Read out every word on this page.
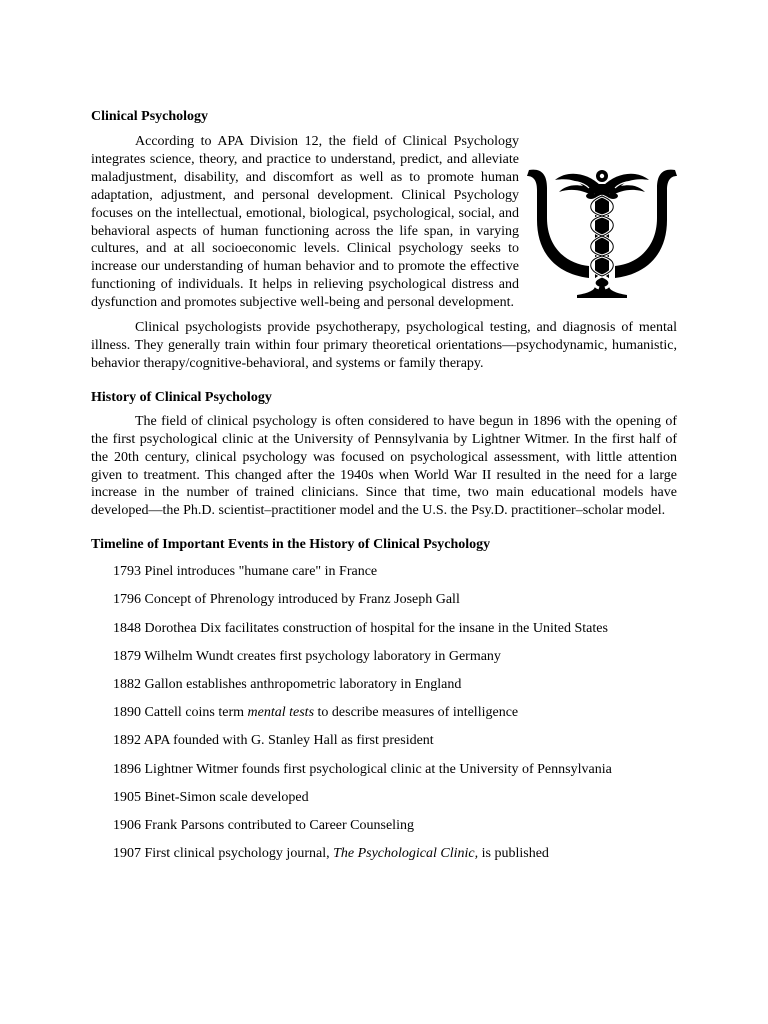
Clinical Psychology

According to APA Division 12, the field of Clinical Psychology integrates science, theory, and practice to understand, predict, and alleviate maladjustment, disability, and discomfort as well as to promote human adaptation, adjustment, and personal development. Clinical Psychology focuses on the intellectual, emotional, biological, psychological, social, and behavioral aspects of human functioning across the life span, in varying cultures, and at all socioeconomic levels. Clinical psychology seeks to increase our understanding of human behavior and to promote the effective functioning of individuals. It helps in relieving psychological distress and dysfunction and promotes subjective well-being and personal development.

Clinical psychologists provide psychotherapy, psychological testing, and diagnosis of mental illness. They generally train within four primary theoretical orientations—psychodynamic, humanistic, behavior therapy/cognitive-behavioral, and systems or family therapy.

History of Clinical Psychology

The field of clinical psychology is often considered to have begun in 1896 with the opening of the first psychological clinic at the University of Pennsylvania by Lightner Witmer. In the first half of the 20th century, clinical psychology was focused on psychological assessment, with little attention given to treatment. This changed after the 1940s when World War II resulted in the need for a large increase in the number of trained clinicians. Since that time, two main educational models have developed—the Ph.D. scientist–practitioner model and the U.S. the Psy.D. practitioner–scholar model.

Timeline of Important Events in the History of Clinical Psychology
1793 Pinel introduces "humane care" in France
1796 Concept of Phrenology introduced by Franz Joseph Gall
1848 Dorothea Dix facilitates construction of hospital for the insane in the United States
1879 Wilhelm Wundt creates first psychology laboratory in Germany
1882 Gallon establishes anthropometric laboratory in England
1890 Cattell coins term mental tests to describe measures of intelligence
1892 APA founded with G. Stanley Hall as first president
1896 Lightner Witmer founds first psychological clinic at the University of Pennsylvania
1905 Binet-Simon scale developed
1906 Frank Parsons contributed to Career Counseling
1907 First clinical psychology journal, The Psychological Clinic, is published
